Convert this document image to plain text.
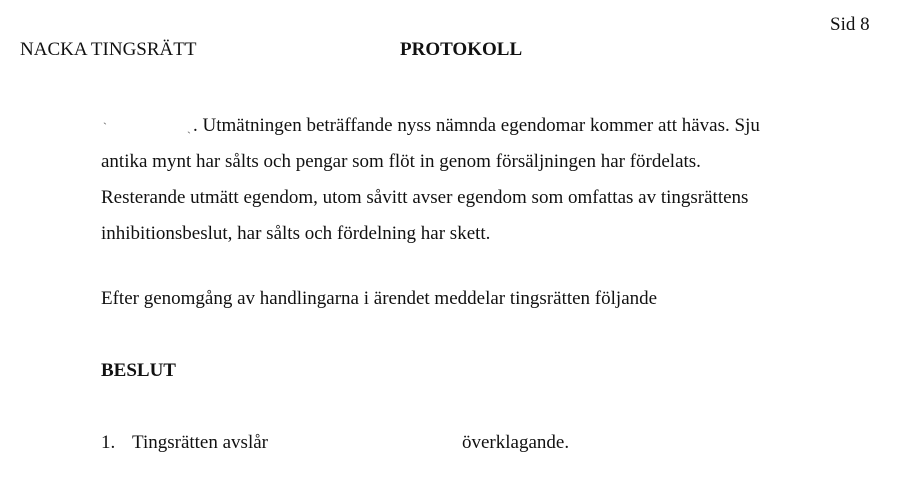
Sid 8
NACKA TINGSRÄTT	PROTOKOLL
ˋ	ˏ . Utmätningen beträffande nyss nämnda egendomar kommer att hävas. Sju
antika mynt har sålts och pengar som flöt in genom försäljningen har fördelats.
Resterande utmätt egendom, utom såvitt avser egendom som omfattas av tingsrättens
inhibitionsbeslut, har sålts och fördelning har skett.
Efter genomgång av handlingarna i ärendet meddelar tingsrätten följande
BESLUT
1. Tingsrätten avslår	överklagande.
